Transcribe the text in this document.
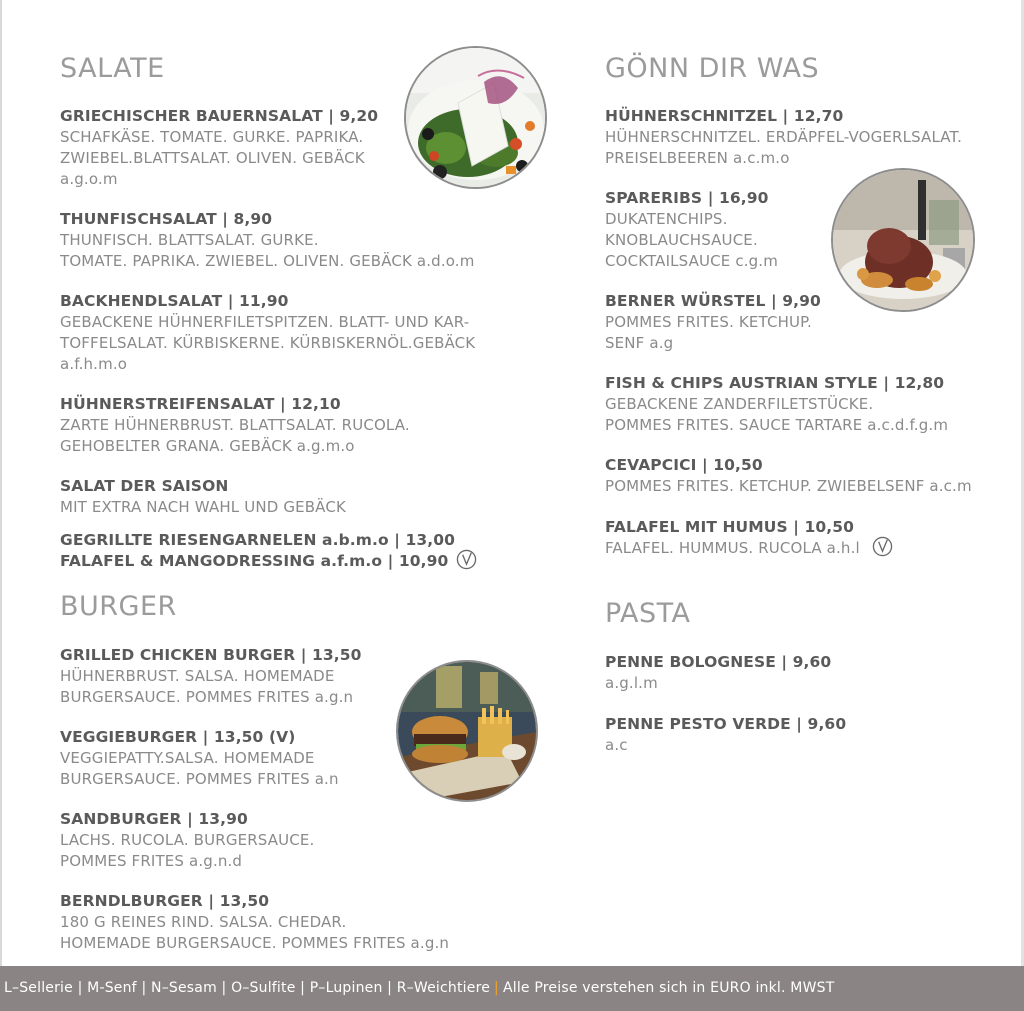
SALATE
GRIECHISCHER BAUERNSALAT | 9,20
SCHAFKÄSE. TOMATE. GURKE. PAPRIKA.
ZWIEBEL.BLATTSALAT. OLIVEN. GEBÄCK
a.g.o.m
THUNFISCHSALAT | 8,90
THUNFISCH. BLATTSALAT. GURKE.
TOMATE. PAPRIKA. ZWIEBEL. OLIVEN. GEBÄCK a.d.o.m
BACKHENDLSALAT | 11,90
GEBACKENE HÜHNERFILETSPITZEN. BLATT- UND KAR-
TOFFELSALAT. KÜRBISKERNE. KÜRBISKERNÖL.GEBÄCK
a.f.h.m.o
HÜHNERSTREIFENSALAT | 12,10
ZARTE HÜHNERBRUST. BLATTSALAT. RUCOLA.
GEHOBELTER GRANA. GEBÄCK a.g.m.o
SALAT DER SAISON
MIT EXTRA NACH WAHL UND GEBÄCK
GEGRILLTE RIESENGARNELEN a.b.m.o | 13,00
FALAFEL & MANGODRESSING a.f.m.o | 10,90
BURGER
GRILLED CHICKEN BURGER | 13,50
HÜHNERBRUST. SALSA. HOMEMADE
BURGERSAUCE. POMMES FRITES a.g.n
VEGGIEBURGER | 13,50 (V)
VEGGIEPATTY.SALSA. HOMEMADE
BURGERSAUCE. POMMES FRITES a.n
SANDBURGER | 13,90
LACHS. RUCOLA. BURGERSAUCE.
POMMES FRITES a.g.n.d
BERNDLBURGER | 13,50
180 G REINES RIND. SALSA. CHEDAR.
HOMEMADE BURGERSAUCE. POMMES FRITES a.g.n
GÖNN DIR WAS
HÜHNERSCHNITZEL | 12,70
HÜHNERSCHNITZEL. ERDÄPFEL-VOGERLSALAT.
PREISELBEEREN a.c.m.o
SPARERIBS | 16,90
DUKATENCHIPS.
KNOBLAUCHSAUCE.
COCKTAILSAUCE c.g.m
BERNER WÜRSTEL | 9,90
POMMES FRITES. KETCHUP.
SENF a.g
FISH & CHIPS AUSTRIAN STYLE | 12,80
GEBACKENE ZANDERFILETSTÜCKE.
POMMES FRITES. SAUCE TARTARE a.c.d.f.g.m
CEVAPCICI | 10,50
POMMES FRITES. KETCHUP. ZWIEBELSENF a.c.m
FALAFEL MIT HUMUS | 10,50
FALAFEL. HUMMUS. RUCOLA a.h.l
PASTA
PENNE BOLOGNESE | 9,60
a.g.l.m
PENNE PESTO VERDE | 9,60
a.c
L–Sellerie | M-Senf | N–Sesam | O–Sulfite | P–Lupinen | R–Weichtiere | Alle Preise verstehen sich in EURO inkl. MWST
